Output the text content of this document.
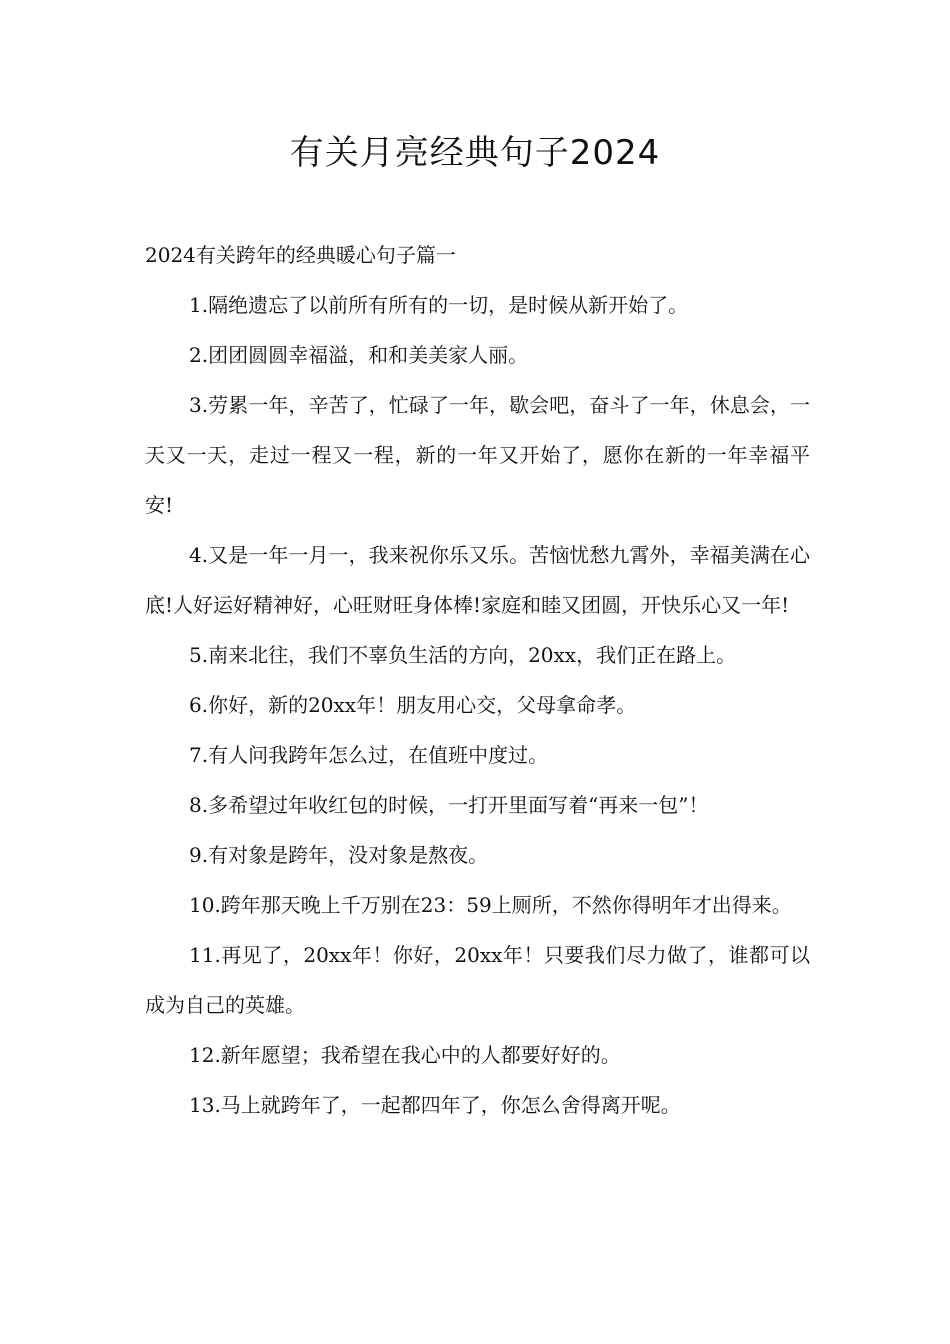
有关月亮经典句子2024

2024有关跨年的经典暖心句子篇一

1.隔绝遗忘了以前所有所有的一切，是时候从新开始了。

2.团团圆圆幸福溢，和和美美家人丽。

3.劳累一年，辛苦了，忙碌了一年，歇会吧，奋斗了一年，休息会，一天又一天，走过一程又一程，新的一年又开始了，愿你在新的一年幸福平安!

4.又是一年一月一，我来祝你乐又乐。苦恼忧愁九霄外，幸福美满在心底!人好运好精神好，心旺财旺身体棒!家庭和睦又团圆，开快乐心又一年!

5.南来北往，我们不辜负生活的方向，20xx，我们正在路上。

6.你好，新的20xx年！朋友用心交，父母拿命孝。

7.有人问我跨年怎么过，在值班中度过。

8.多希望过年收红包的时候，一打开里面写着“再来一包”！

9.有对象是跨年，没对象是熬夜。

10.跨年那天晚上千万别在23：59上厕所，不然你得明年才出得来。

11.再见了，20xx年！你好，20xx年！只要我们尽力做了，谁都可以成为自己的英雄。

12.新年愿望；我希望在我心中的人都要好好的。

13.马上就跨年了，一起都四年了，你怎么舍得离开呢。
